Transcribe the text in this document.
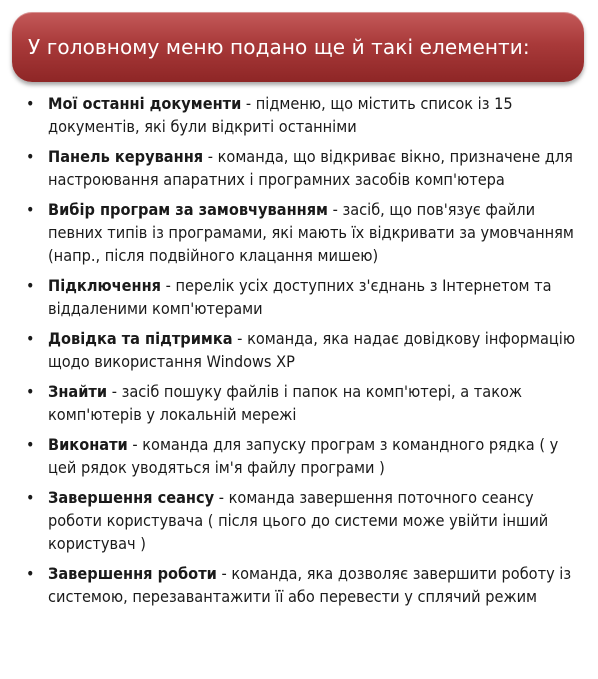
У головному меню подано ще й такі елементи:
• Мої останні документи - підменю, що містить список із 15 документів, які були відкриті останніми
• Панель керування - команда, що відкриває вікно, призначене для настроювання апаратних і програмних засобів комп'ютера
• Вибір програм за замовчуванням - засіб, що пов'язує файли певних типів із програмами, які мають їх відкривати за умовчанням (напр., після подвійного клацання мишею)
• Підключення - перелік усіх доступних з'єднань з Інтернетом та віддаленими комп'ютерами
• Довідка та підтримка - команда, яка надає довідкову інформацію щодо використання Windows XP
• Знайти - засіб пошуку файлів і папок на комп'ютері, а також комп'ютерів у локальній мережі
• Виконати - команда для запуску програм з командного рядка ( у цей рядок уводяться ім'я файлу програми )
• Завершення сеансу - команда завершення поточного сеансу роботи користувача ( після цього до системи може увійти інший користувач )
• Завершення роботи - команда, яка дозволяє завершити роботу із системою, перезавантажити її або перевести у сплячий режим
